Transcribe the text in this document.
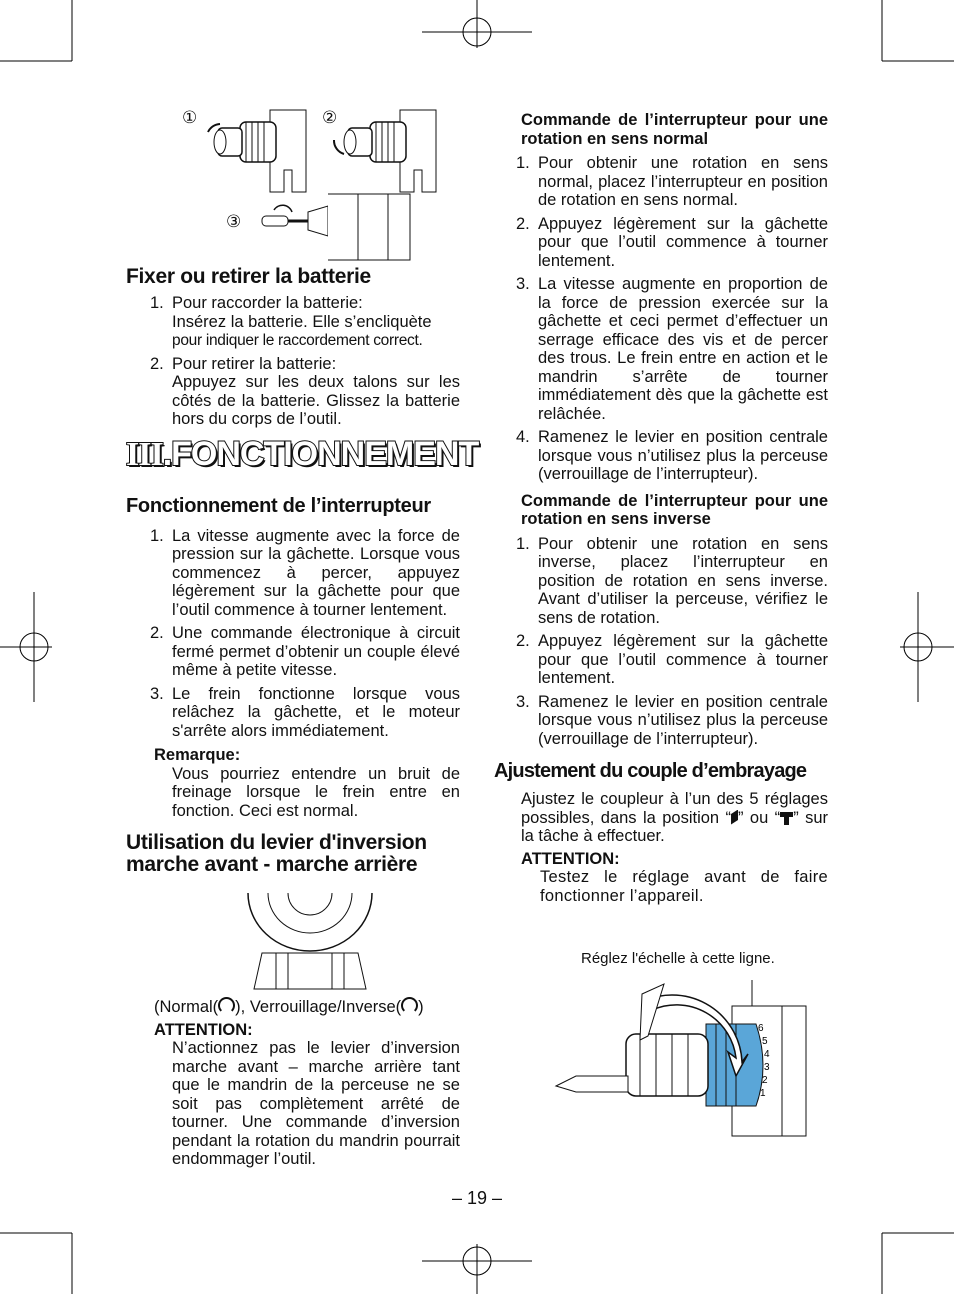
①	②
③
Fixer ou retirer la batterie
1. Pour raccorder la batterie:
Insérez la batterie. Elle s’encliquète
pour indiquer le raccordement correct.
2. Pour retirer la batterie:
Appuyez sur les deux talons sur les côtés de la batterie. Glissez la batterie hors du corps de l’outil.
III.FONCTIONNEMENT
Fonctionnement de l’interrupteur
1. La vitesse augmente avec la force de pression sur la gâchette. Lorsque vous commencez à percer, appuyez légèrement sur la gâchette pour que l’outil commence à tourner lentement.
2. Une commande électronique à circuit fermé permet d’obtenir un couple élevé même à petite vitesse.
3. Le frein fonctionne lorsque vous relâchez la gâchette, et le moteur s'arrête alors immédiatement.
Remarque:
Vous pourriez entendre un bruit de freinage lorsque le frein entre en fonction. Ceci est normal.
Utilisation du levier d'inversion
marche avant - marche arrière
(Normal( ), Verrouillage/Inverse( )
ATTENTION:
N’actionnez pas le levier d’inversion marche avant – marche arrière tant que le mandrin de la perceuse ne se soit pas complètement arrêté de tourner. Une commande d’inversion pendant la rotation du mandrin pourrait endommager l’outil.
Commande de l’interrupteur pour une rotation en sens normal
1. Pour obtenir une rotation en sens normal, placez l’interrupteur en position de rotation en sens normal.
2. Appuyez légèrement sur la gâchette pour que l’outil commence à tourner lentement.
3. La vitesse augmente en proportion de la force de pression exercée sur la gâchette et ceci permet d’effectuer un serrage efficace des vis et de percer des trous. Le frein entre en action et le mandrin s’arrête de tourner immédiatement dès que la gâchette est relâchée.
4. Ramenez le levier en position centrale lorsque vous n’utilisez plus la perceuse (verrouillage de l’interrupteur).
Commande de l’interrupteur pour une rotation en sens inverse
1. Pour obtenir une rotation en sens inverse, placez l’interrupteur en position de rotation en sens inverse. Avant d’utiliser la perceuse, vérifiez le sens de rotation.
2. Appuyez légèrement sur la gâchette pour que l’outil commence à tourner lentement.
3. Ramenez le levier en position centrale lorsque vous n’utilisez plus la perceuse (verrouillage de l’interrupteur).
Ajustement du couple d’embrayage
Ajustez le coupleur à l’un des 5 réglages possibles, dans la position “ ” ou “ ” sur la tâche à effectuer.
ATTENTION:
Testez le réglage avant de faire fonctionner l’appareil.
Réglez l'échelle à cette ligne.
1
2
3
4
5
6
– 19 –
